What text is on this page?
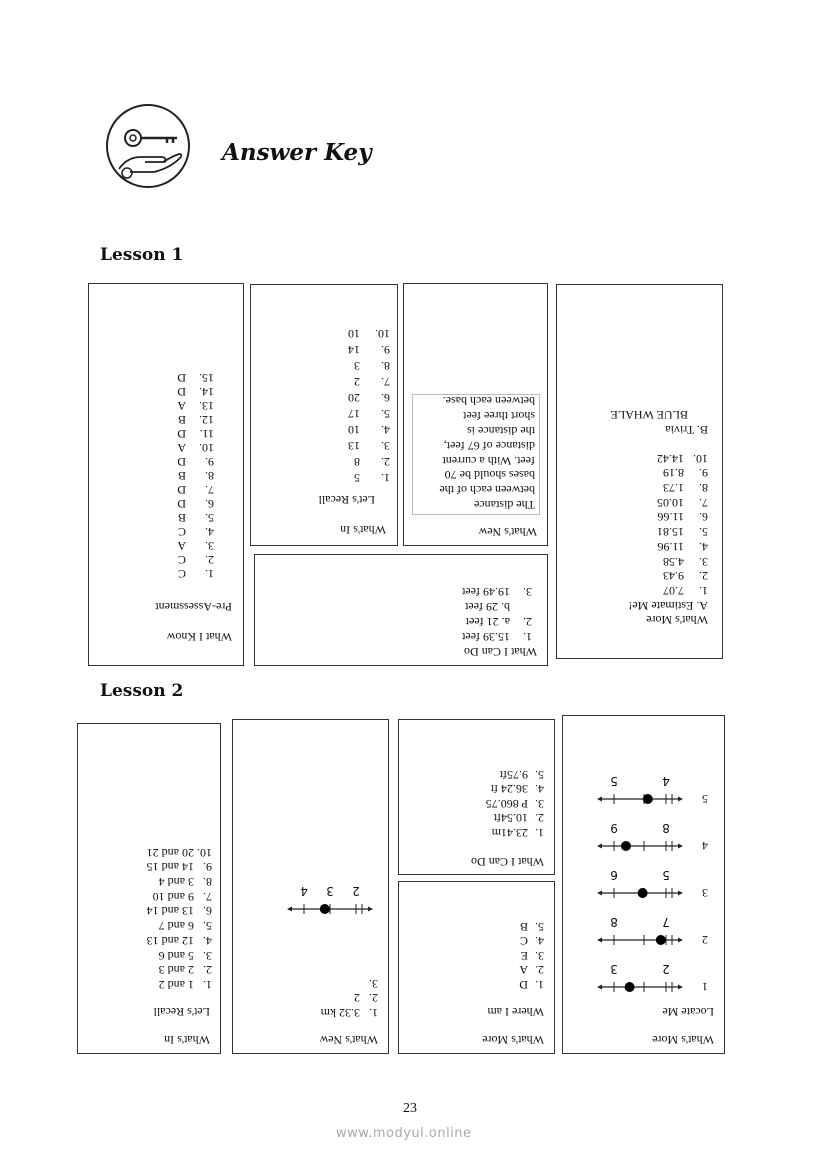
Answer Key
Lesson 1
Lesson 2
What I Know
Pre-Assessment
1.
C
2.
C
3.
A
4.
C
5.
B
6.
D
7.
D
8.
B
9.
D
10.
A
11.
D
12.
B
13.
A
14.
D
15.
D
What's In
Let's Recall
1.
5
2.
8
3.
13
4.
10
5.
17
6.
20
7.
2
8.
3
9.
14
10.
10
What I Can Do
1.
15.39 feet
2.
a. 21 feet
b. 29 feet
3.
19.49 feet
What's New
The distance
between each of the
bases should be 70
feet. With a current
distance of 67 feet,
the distance is
short three feet
between each base.
What's More
A. Estimate Me!
B. Trivia
BLUE WHALE
1.
7.07
2.
9.43
3.
4.58
4.
11.96
5.
15.81
6.
11.66
7.
10.05
8.
1.73
9.
8.19
10.
14.42
What's In
Let's Recall
1.
1 and 2
2.
2 and 3
3.
5 and 6
4.
12 and 13
5.
6 and 7
6.
13 and 14
7.
9 and 10
8.
3 and 4
9.
14 and 15
10.
20 and 21
What's New
1.
3.32 km
2.
2
3.
2
3
4
What I Can Do
1.
23.41m
2.
10.54ft
3.
P 860.75
4.
36.24 ft
5.
9.75ft
What's More
Where I am
1.
D
2.
A
3.
E
4.
C
5.
B
What's More
Locate Me
1
2
3
2
7
8
3
5
6
4
8
9
5
4
5
23
www.modyul.online
